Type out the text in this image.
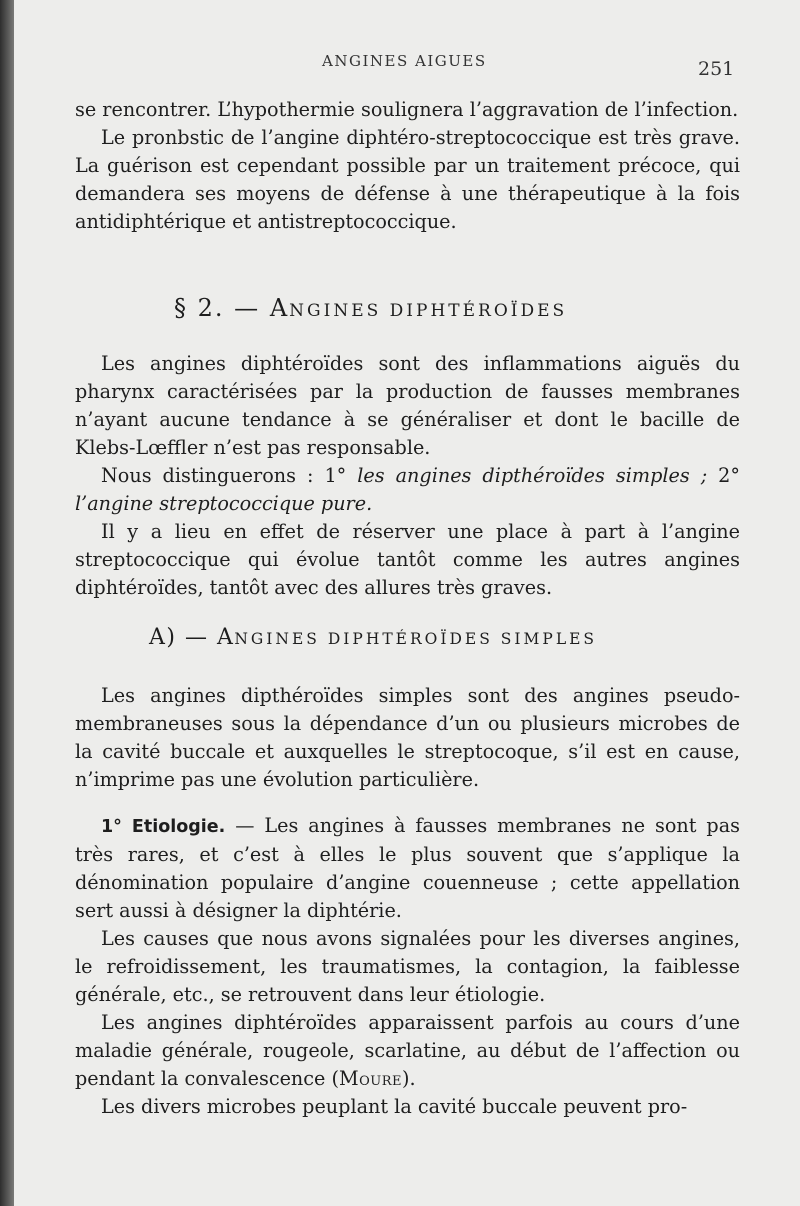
ANGINES AIGUES	251

se rencontrer. L’hypothermie soulignera l’aggravation de l’infection.

Le pronbstic de l’angine diphtéro-streptococcique est très grave. La guérison est cependant possible par un traitement précoce, qui demandera ses moyens de défense à une thérapeutique à la fois antidiphtérique et antistreptococcique.

§ 2. — ANGINES DIPHTÉROÏDES

Les angines diphtéroïdes sont des inflammations aiguës du pharynx caractérisées par la production de fausses membranes n’ayant aucune tendance à se généraliser et dont le bacille de Klebs-Lœffler n’est pas responsable.

Nous distinguerons : 1° les angines dipthéroïdes simples ; 2° l’angine streptococcique pure.

Il y a lieu en effet de réserver une place à part à l’angine streptococcique qui évolue tantôt comme les autres angines diphtéroïdes, tantôt avec des allures très graves.

A) — ANGINES DIPHTÉROÏDES SIMPLES

Les angines dipthéroïdes simples sont des angines pseudo-membraneuses sous la dépendance d’un ou plusieurs microbes de la cavité buccale et auxquelles le streptocoque, s’il est en cause, n’imprime pas une évolution particulière.

1° Etiologie. — Les angines à fausses membranes ne sont pas très rares, et c’est à elles le plus souvent que s’applique la dénomination populaire d’angine couenneuse ; cette appellation sert aussi à désigner la diphtérie.

Les causes que nous avons signalées pour les diverses angines, le refroidissement, les traumatismes, la contagion, la faiblesse générale, etc., se retrouvent dans leur étiologie.

Les angines diphtéroïdes apparaissent parfois au cours d’une maladie générale, rougeole, scarlatine, au début de l’affection ou pendant la convalescence (Moure).

Les divers microbes peuplant la cavité buccale peuvent pro-
